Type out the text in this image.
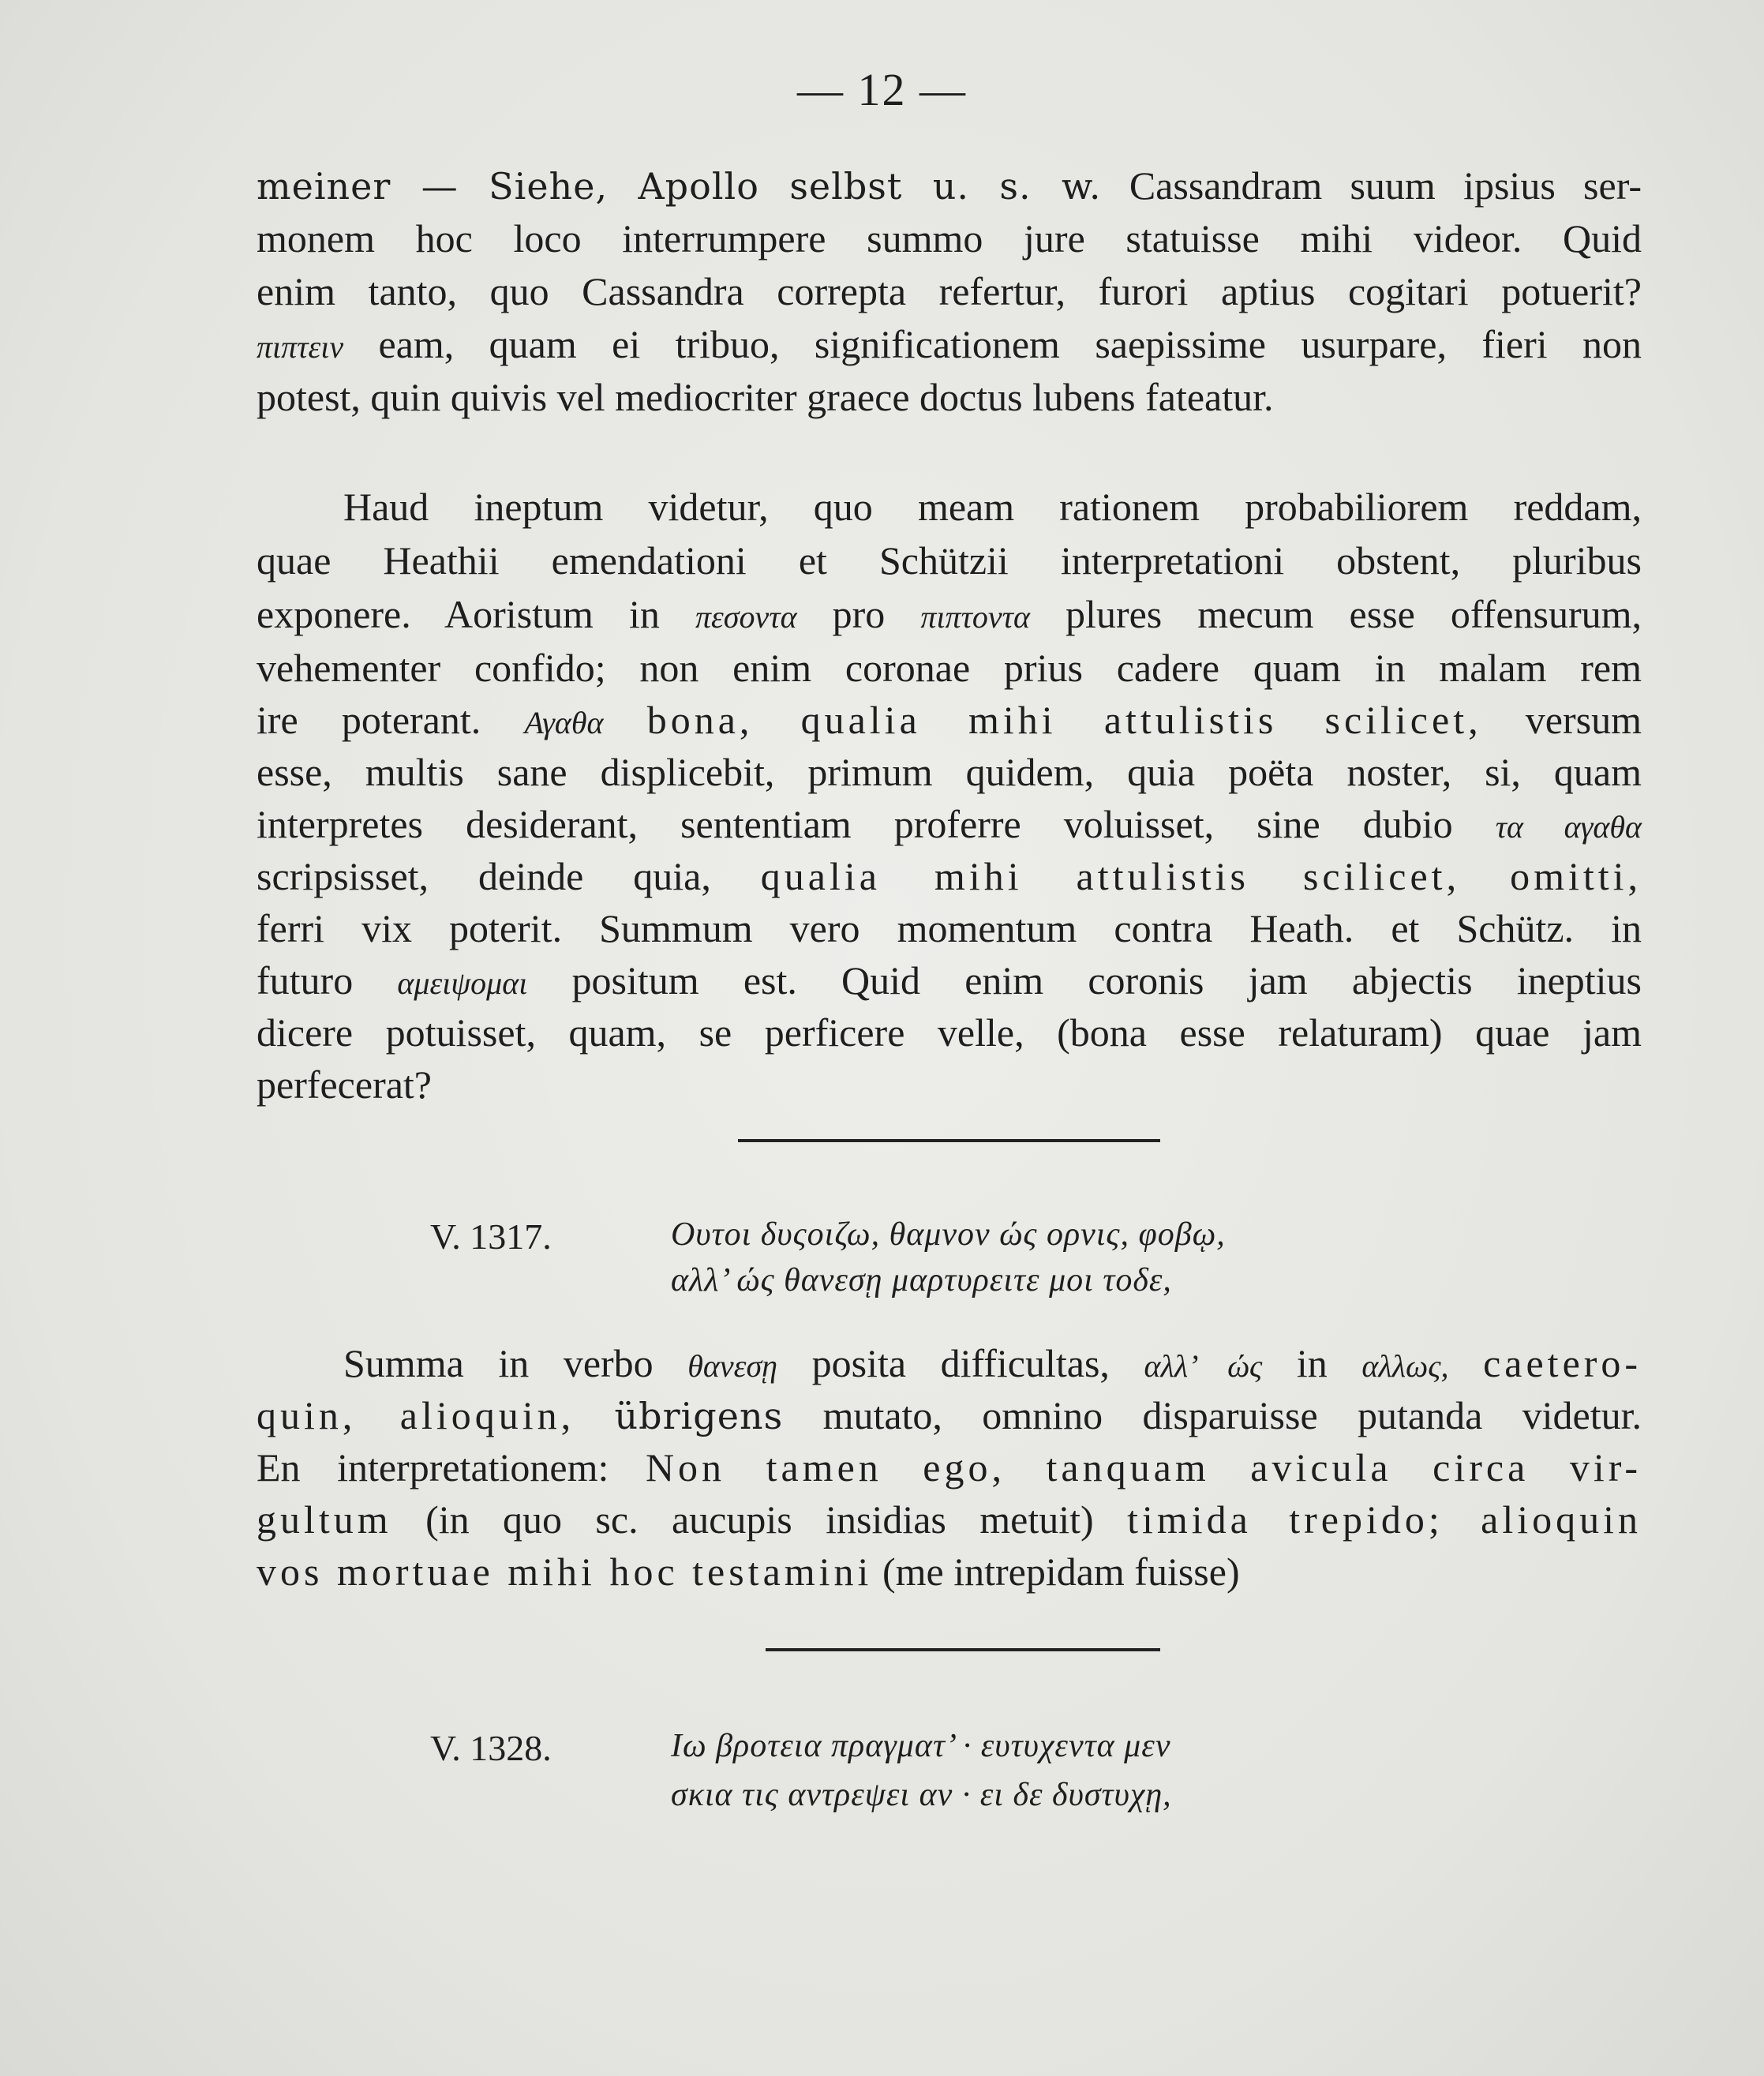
— 12 —
meiner — Siehe, Apollo selbst u. s. w. Cassandram suum ipsius ser-
monem hoc loco interrumpere summo jure statuisse mihi videor. Quid
enim tanto, quo Cassandra correpta refertur, furori aptius cogitari potuerit?
πιπτειν eam, quam ei tribuo, significationem saepissime usurpare, fieri non
potest, quin quivis vel mediocriter graece doctus lubens fateatur.
Haud ineptum videtur, quo meam rationem probabiliorem reddam,
quae Heathii emendationi et Schützii interpretationi obstent, pluribus
exponere. Aoristum in πεσοντα pro πιπτοντα plures mecum esse offensurum,
vehementer confido; non enim coronae prius cadere quam in malam rem
ire poterant. Αγαθα bona, qualia mihi attulistis scilicet, versum
esse, multis sane displicebit, primum quidem, quia poëta noster, si, quam
interpretes desiderant, sententiam proferre voluisset, sine dubio τα αγαθα
scripsisset, deinde quia, qualia mihi attulistis scilicet, omitti,
ferri vix poterit. Summum vero momentum contra Heath. et Schütz. in
futuro αμειψομαι positum est. Quid enim coronis jam abjectis ineptius
dicere potuisset, quam, se perficere velle, (bona esse relaturam) quae jam
perfecerat?
V. 1317.	Ουτοι δυςοιζω, θαμνον ώς ορνις, φοβῳ,
αλλ’ ώς θανεσῃ μαρτυρειτε μοι τοδε,
Summa in verbo θανεσῃ posita difficultas, αλλ’ ώς in αλλως, caetero-
quin, alioquin, übrigens mutato, omnino disparuisse putanda videtur.
En interpretationem: Non tamen ego, tanquam avicula circa vir-
gultum (in quo sc. aucupis insidias metuit) timida trepido; alioquin
vos mortuae mihi hoc testamini (me intrepidam fuisse)
V. 1328.	Ιω βροτεια πραγματ’ · ευτυχεντα μεν
σκια τις αντρεψει αν · ει δε δυστυχῃ,
